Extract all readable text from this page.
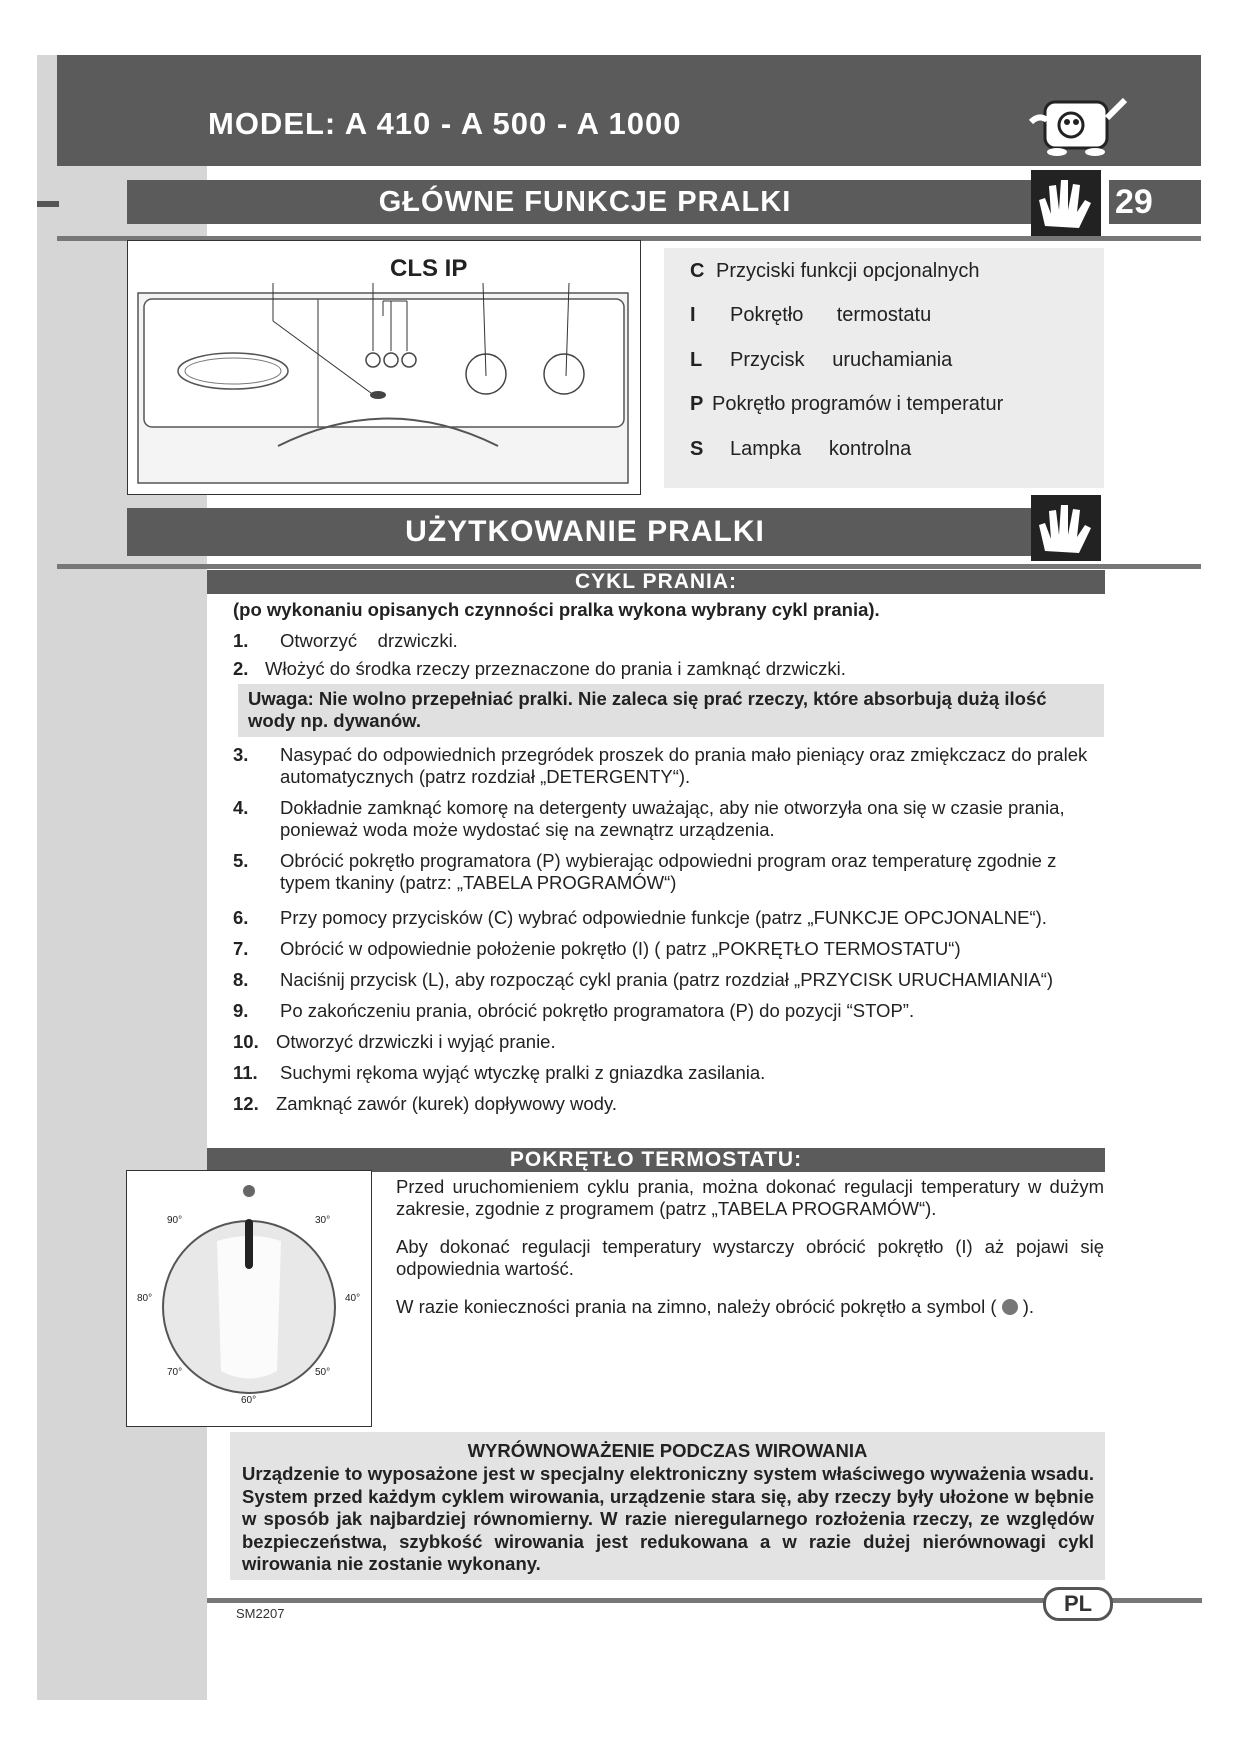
MODEL: A 410 - A 500 - A 1000
GŁÓWNE FUNKCJE PRALKI	29
CLS IP	C Przyciski funkcji opcjonalnych
I Pokrętło      termostatu
L Przycisk     uruchamiania
P Pokrętło programów i temperatur
S Lampka     kontrolna
UŻYTKOWANIE PRALKI
CYKL PRANIA:
(po wykonaniu opisanych czynności pralka wykona wybrany cykl prania).
1. Otworzyć    drzwiczki.
2. Włożyć do środka rzeczy przeznaczone do prania i zamknąć drzwiczki.
Uwaga: Nie wolno przepełniać pralki. Nie zaleca się prać rzeczy, które absorbują dużą ilość wody np. dywanów.
3. Nasypać do odpowiednich przegródek proszek do prania mało pieniący oraz zmiękczacz do pralek automatycznych (patrz rozdział „DETERGENTY“).
4. Dokładnie zamknąć komorę na detergenty uważając, aby nie otworzyła ona się w czasie prania, ponieważ woda może wydostać się na zewnątrz urządzenia.
5. Obrócić pokrętło programatora (P) wybierając odpowiedni program oraz temperaturę zgodnie z typem tkaniny (patrz: „TABELA PROGRAMÓW“)
6. Przy pomocy przycisków (C) wybrać odpowiednie funkcje (patrz „FUNKCJE OPCJONALNE“).
7. Obrócić w odpowiednie położenie pokrętło (I) ( patrz „POKRĘTŁO TERMOSTATU“)
8. Naciśnij przycisk (L), aby rozpocząć cykl prania (patrz rozdział „PRZYCISK URUCHAMIANIA“)
9. Po zakończeniu prania, obrócić pokrętło programatora (P) do pozycji “STOP”.
10. Otworzyć drzwiczki i wyjąć pranie.
11. Suchymi rękoma wyjąć wtyczkę pralki z gniazdka zasilania.
12. Zamknąć zawór (kurek) dopływowy wody.
POKRĘTŁO TERMOSTATU:
90°	30°
80°	40°
70°	50°
60°
Przed uruchomieniem cyklu prania, można dokonać regulacji temperatury w dużym zakresie, zgodnie z programem (patrz „TABELA PROGRAMÓW“).
Aby dokonać regulacji temperatury wystarczy obrócić pokrętło (I) aż pojawi się odpowiednia wartość.
W razie konieczności prania na zimno, należy obrócić pokrętło a symbol ( ).
WYRÓWNOWAŻENIE PODCZAS WIROWANIA
Urządzenie to wyposażone jest w specjalny elektroniczny system właściwego wyważenia wsadu. System przed każdym cyklem wirowania, urządzenie stara się, aby rzeczy były ułożone w bębnie w sposób jak najbardziej równomierny. W razie nieregularnego rozłożenia rzeczy, ze względów bezpieczeństwa, szybkość wirowania jest redukowana a w razie dużej nierównowagi cykl wirowania nie zostanie wykonany.
PL
SM2207
